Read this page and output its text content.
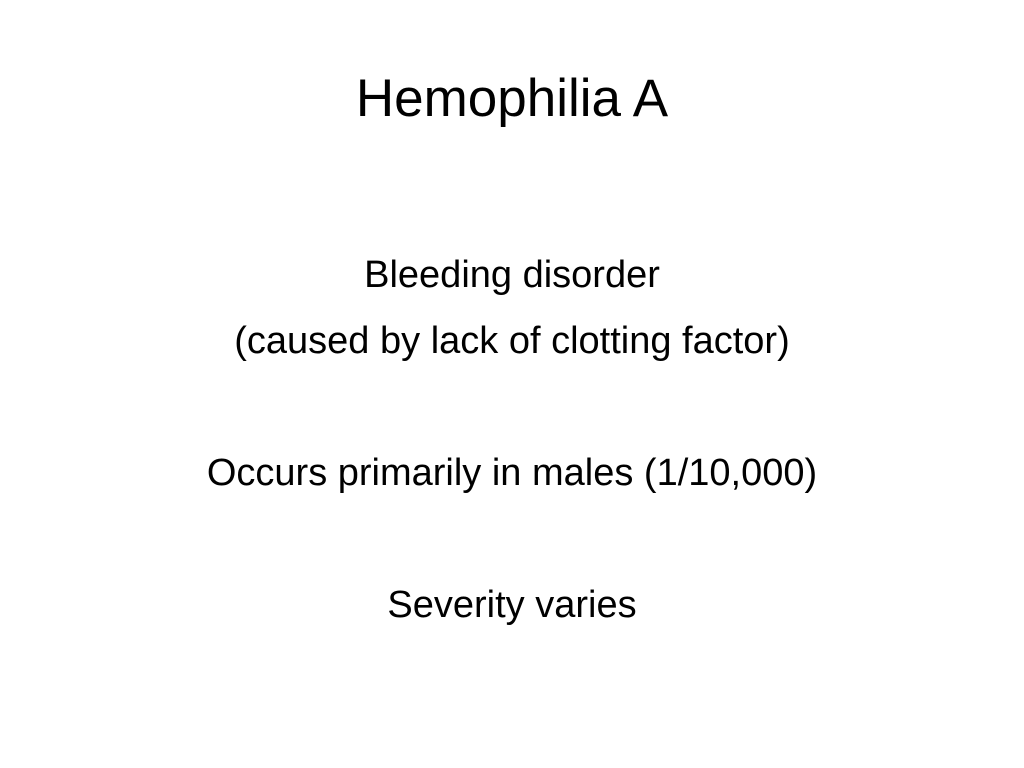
Hemophilia A
Bleeding disorder
(caused by lack of clotting factor)
Occurs primarily in males (1/10,000)
Severity varies
